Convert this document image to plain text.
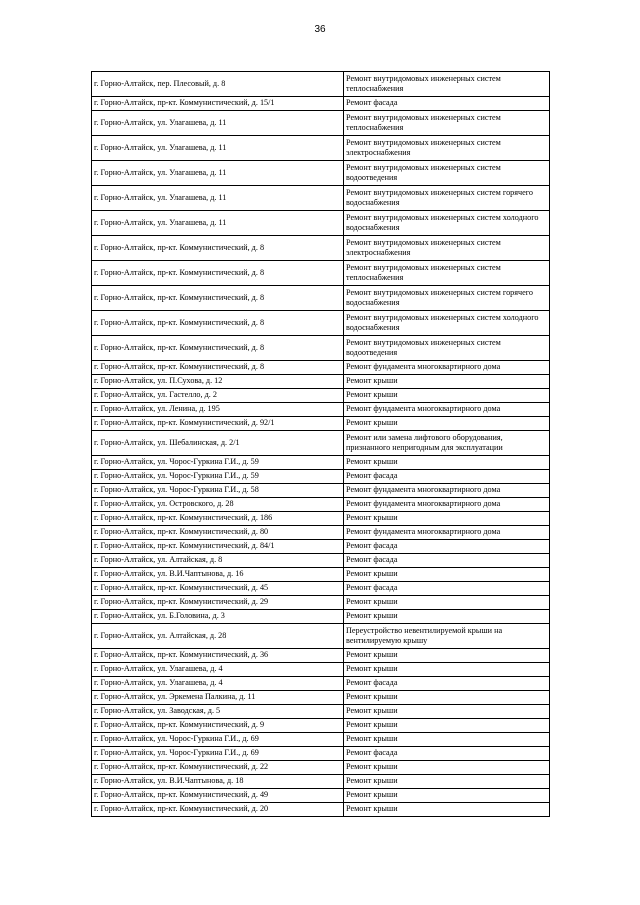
36
г. Горно-Алтайск, пер. Плесовый, д. 8	Ремонт внутридомовых инженерных систем теплоснабжения
г. Горно-Алтайск, пр-кт. Коммунистический, д. 15/1	Ремонт фасада
г. Горно-Алтайск, ул. Улагашева, д. 11	Ремонт внутридомовых инженерных систем теплоснабжения
г. Горно-Алтайск, ул. Улагашева, д. 11	Ремонт внутридомовых инженерных систем электроснабжения
г. Горно-Алтайск, ул. Улагашева, д. 11	Ремонт внутридомовых инженерных систем водоотведения
г. Горно-Алтайск, ул. Улагашева, д. 11	Ремонт внутридомовых инженерных систем горячего водоснабжения
г. Горно-Алтайск, ул. Улагашева, д. 11	Ремонт внутридомовых инженерных систем холодного водоснабжения
г. Горно-Алтайск, пр-кт. Коммунистический, д. 8	Ремонт внутридомовых инженерных систем электроснабжения
г. Горно-Алтайск, пр-кт. Коммунистический, д. 8	Ремонт внутридомовых инженерных систем теплоснабжения
г. Горно-Алтайск, пр-кт. Коммунистический, д. 8	Ремонт внутридомовых инженерных систем горячего водоснабжения
г. Горно-Алтайск, пр-кт. Коммунистический, д. 8	Ремонт внутридомовых инженерных систем холодного водоснабжения
г. Горно-Алтайск, пр-кт. Коммунистический, д. 8	Ремонт внутридомовых инженерных систем водоотведения
г. Горно-Алтайск, пр-кт. Коммунистический, д. 8	Ремонт фундамента многоквартирного дома
г. Горно-Алтайск, ул. П.Сухова, д. 12	Ремонт крыши
г. Горно-Алтайск, ул. Гастелло, д. 2	Ремонт крыши
г. Горно-Алтайск, ул. Ленина, д. 195	Ремонт фундамента многоквартирного дома
г. Горно-Алтайск, пр-кт. Коммунистический, д. 92/1	Ремонт крыши
г. Горно-Алтайск, ул. Шебалинская, д. 2/1	Ремонт или замена лифтового оборудования, признанного непригодным для эксплуатации
г. Горно-Алтайск, ул. Чорос-Гуркина Г.И., д. 59	Ремонт крыши
г. Горно-Алтайск, ул. Чорос-Гуркина Г.И., д. 59	Ремонт фасада
г. Горно-Алтайск, ул. Чорос-Гуркина Г.И., д. 58	Ремонт фундамента многоквартирного дома
г. Горно-Алтайск, ул. Островского, д. 28	Ремонт фундамента многоквартирного дома
г. Горно-Алтайск, пр-кт. Коммунистический, д. 186	Ремонт крыши
г. Горно-Алтайск, пр-кт. Коммунистический, д. 80	Ремонт фундамента многоквартирного дома
г. Горно-Алтайск, пр-кт. Коммунистический, д. 84/1	Ремонт фасада
г. Горно-Алтайск, ул. Алтайская, д. 8	Ремонт фасада
г. Горно-Алтайск, ул. В.И.Чаптынова, д. 16	Ремонт крыши
г. Горно-Алтайск, пр-кт. Коммунистический, д. 45	Ремонт фасада
г. Горно-Алтайск, пр-кт. Коммунистический, д. 29	Ремонт крыши
г. Горно-Алтайск, ул. Б.Головина, д. 3	Ремонт крыши
г. Горно-Алтайск, ул. Алтайская, д. 28	Переустройство невентилируемой крыши на вентилируемую крышу
г. Горно-Алтайск, пр-кт. Коммунистический, д. 36	Ремонт крыши
г. Горно-Алтайск, ул. Улагашева, д. 4	Ремонт крыши
г. Горно-Алтайск, ул. Улагашева, д. 4	Ремонт фасада
г. Горно-Алтайск, ул. Эркемена Палкина, д. 11	Ремонт крыши
г. Горно-Алтайск, ул. Заводская, д. 5	Ремонт крыши
г. Горно-Алтайск, пр-кт. Коммунистический, д. 9	Ремонт крыши
г. Горно-Алтайск, ул. Чорос-Гуркина Г.И., д. 69	Ремонт крыши
г. Горно-Алтайск, ул. Чорос-Гуркина Г.И., д. 69	Ремонт фасада
г. Горно-Алтайск, пр-кт. Коммунистический, д. 22	Ремонт крыши
г. Горно-Алтайск, ул. В.И.Чаптынова, д. 18	Ремонт крыши
г. Горно-Алтайск, пр-кт. Коммунистический, д. 49	Ремонт крыши
г. Горно-Алтайск, пр-кт. Коммунистический, д. 20	Ремонт крыши
